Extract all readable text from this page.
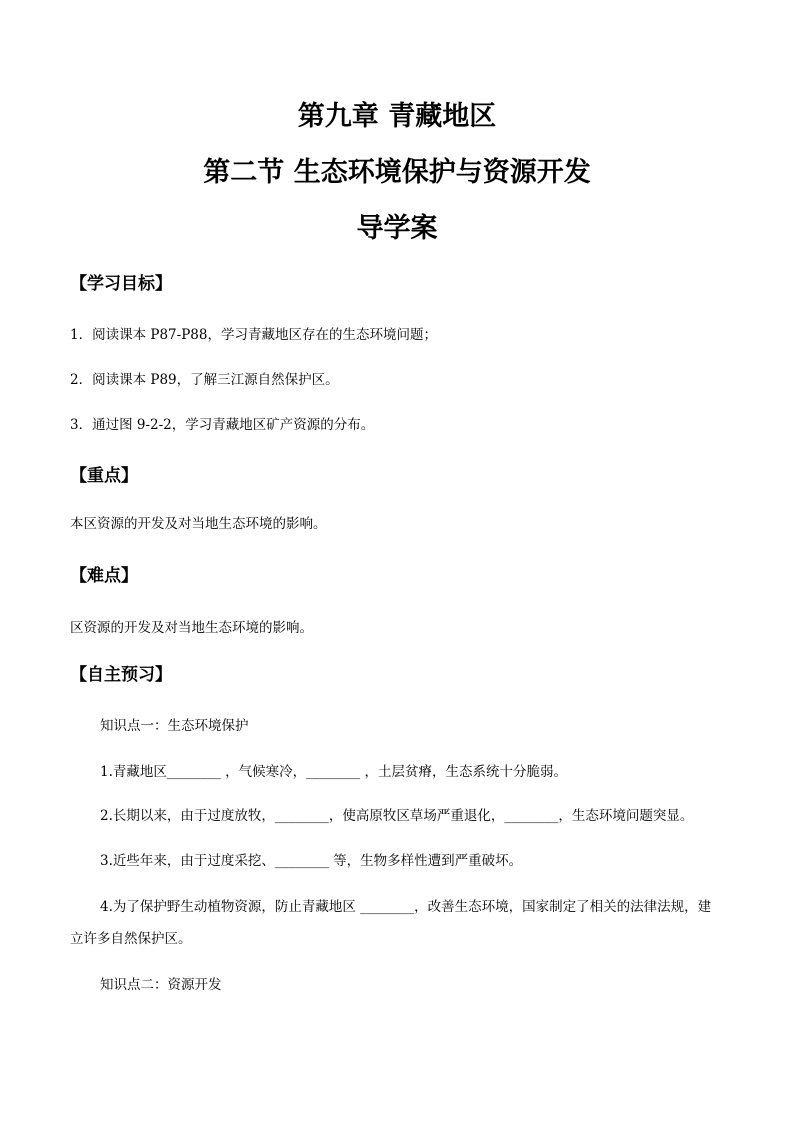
第九章 青藏地区
第二节 生态环境保护与资源开发
导学案
【学习目标】
1．阅读课本 P87-P88，学习青藏地区存在的生态环境问题；
2．阅读课本 P89，了解三江源自然保护区。
3．通过图 9-2-2，学习青藏地区矿产资源的分布。
【重点】
本区资源的开发及对当地生态环境的影响。
【难点】
区资源的开发及对当地生态环境的影响。
【自主预习】
知识点一：生态环境保护
1.青藏地区________ ，气候寒冷，________ ，土层贫瘠，生态系统十分脆弱。
2.长期以来，由于过度放牧，________，使高原牧区草场严重退化，________，生态环境问题突显。
3.近些年来，由于过度采挖、________ 等，生物多样性遭到严重破坏。
4.为了保护野生动植物资源，防止青藏地区 ________，改善生态环境，国家制定了相关的法律法规，建立许多自然保护区。
知识点二：资源开发
